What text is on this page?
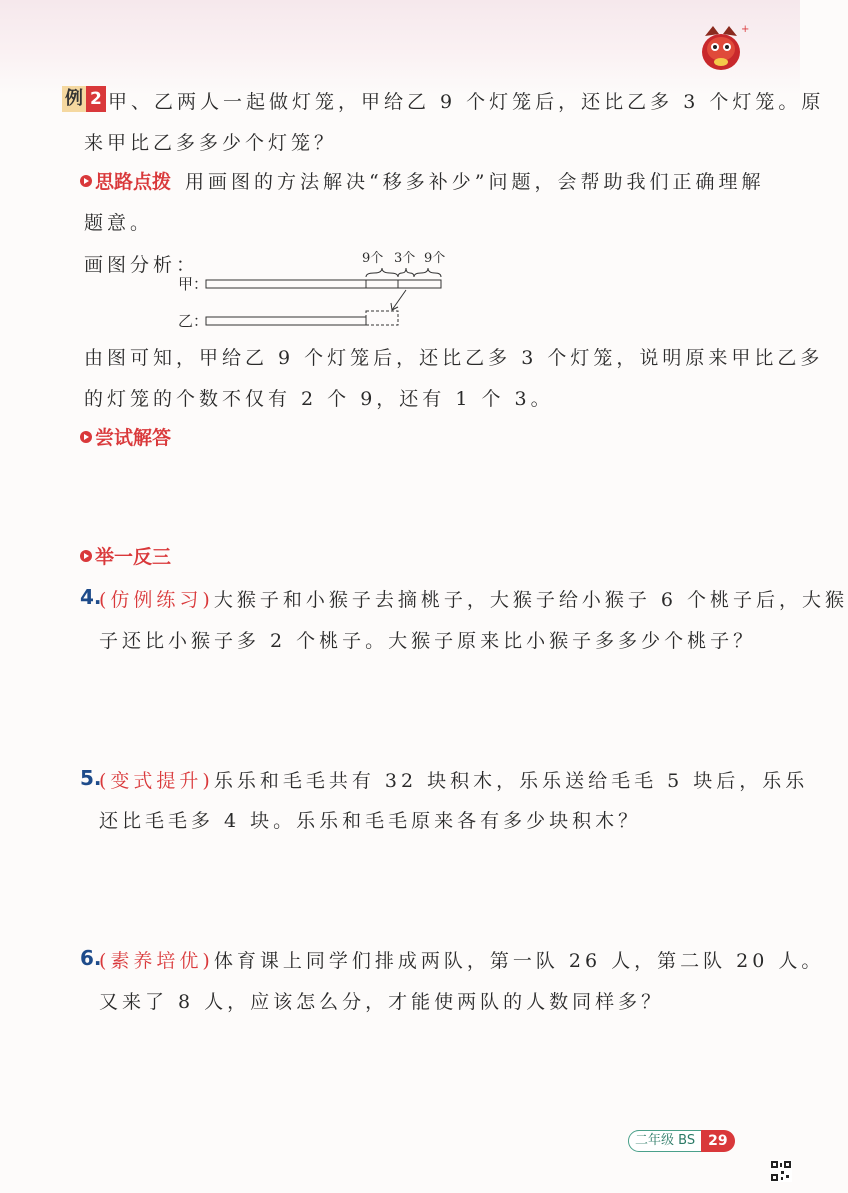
+
例 2 甲、乙两人一起做灯笼，甲给乙 9 个灯笼后，还比乙多 3 个灯笼。原
来甲比乙多多少个灯笼？
思路点拨 用画图的方法解决“移多补少”问题，会帮助我们正确理解
题意。
画图分析：
甲：
乙：
9个 3个 9个
由图可知，甲给乙 9 个灯笼后，还比乙多 3 个灯笼，说明原来甲比乙多
的灯笼的个数不仅有 2 个 9，还有 1 个 3。
尝试解答
举一反三
4.
(仿例练习)大猴子和小猴子去摘桃子，大猴子给小猴子 6 个桃子后，大猴
子还比小猴子多 2 个桃子。大猴子原来比小猴子多多少个桃子？
5.
(变式提升)乐乐和毛毛共有 32 块积木，乐乐送给毛毛 5 块后，乐乐
还比毛毛多 4 块。乐乐和毛毛原来各有多少块积木？
6.
(素养培优)体育课上同学们排成两队，第一队 26 人，第二队 20 人。
又来了 8 人，应该怎么分，才能使两队的人数同样多？
二年级 BS 29
